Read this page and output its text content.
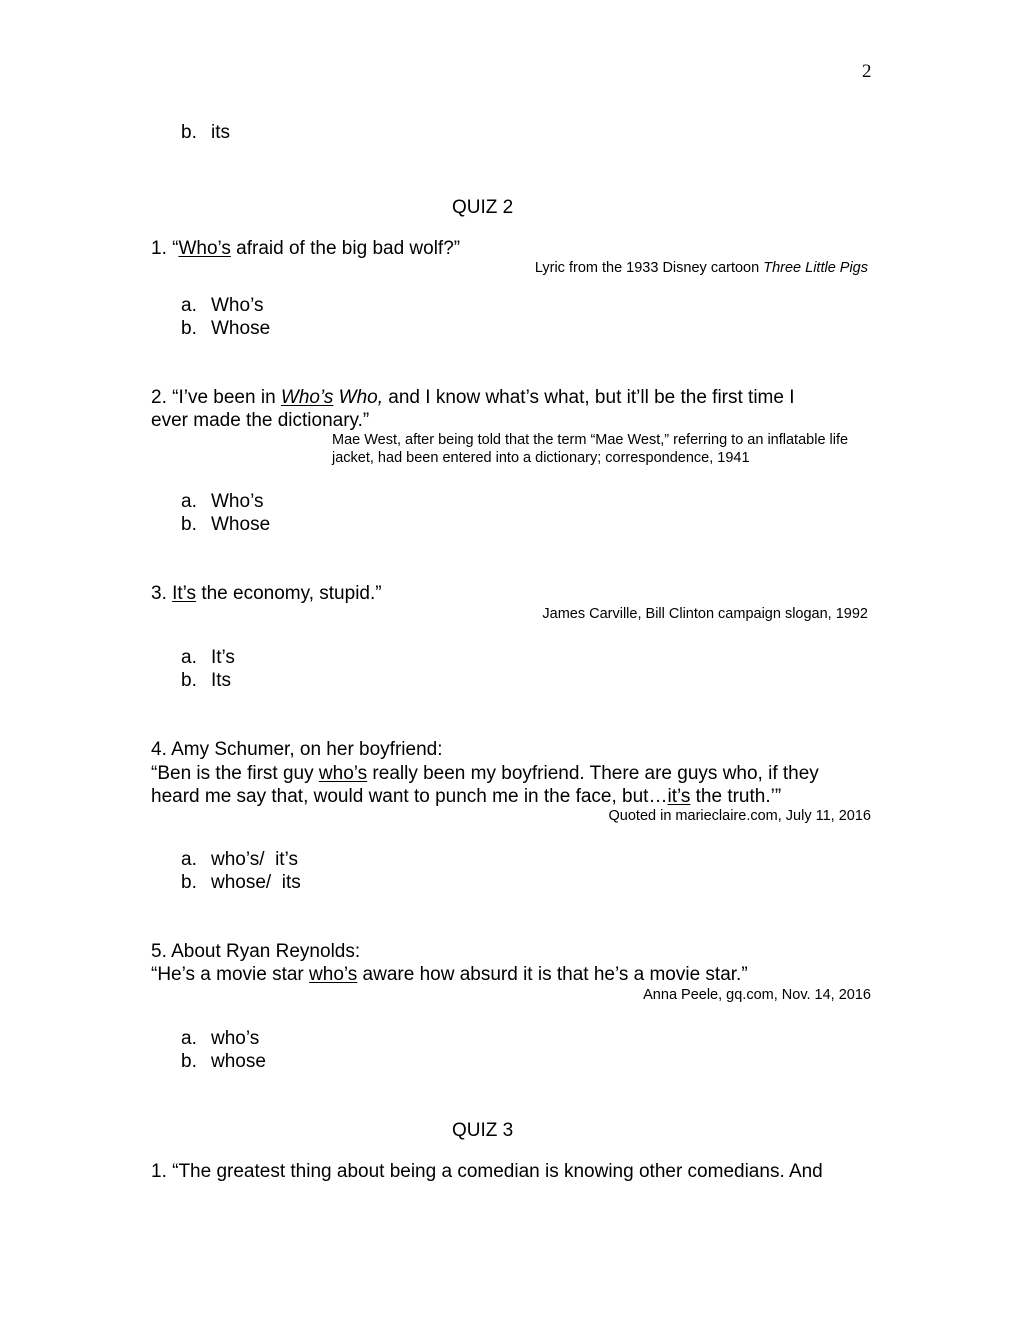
2
b. its
QUIZ 2
1. “Who’s afraid of the big bad wolf?”
Lyric from the 1933 Disney cartoon Three Little Pigs
a. Who’s
b. Whose
2. “I’ve been in Who’s Who, and I know what’s what, but it’ll be the first time I
ever made the dictionary.”
Mae West, after being told that the term “Mae West,” referring to an inflatable life
jacket, had been entered into a dictionary; correspondence, 1941
a. Who’s
b. Whose
3. It’s the economy, stupid.”
James Carville, Bill Clinton campaign slogan, 1992
a. It’s
b. Its
4. Amy Schumer, on her boyfriend:
“Ben is the first guy who’s really been my boyfriend. There are guys who, if they
heard me say that, would want to punch me in the face, but…it’s the truth.’”
Quoted in marieclaire.com, July 11, 2016
a. who’s/  it’s
b. whose/  its
5. About Ryan Reynolds:
“He’s a movie star who’s aware how absurd it is that he’s a movie star.”
Anna Peele, gq.com, Nov. 14, 2016
a. who’s
b. whose
QUIZ 3
1. “The greatest thing about being a comedian is knowing other comedians. And
